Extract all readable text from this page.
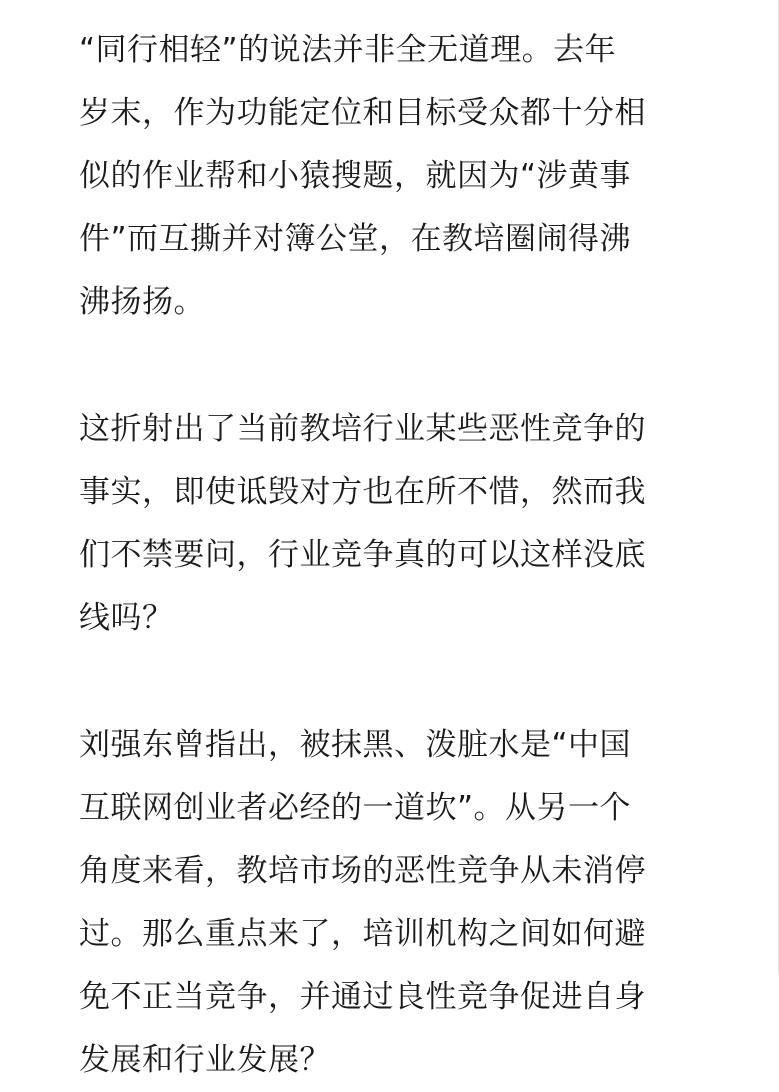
“同行相轻”的说法并非全无道理。去年
岁末，作为功能定位和目标受众都十分相
似的作业帮和小猿搜题，就因为“涉黄事
件”而互撕并对簿公堂，在教培圈闹得沸
沸扬扬。
这折射出了当前教培行业某些恶性竞争的
事实，即使诋毁对方也在所不惜，然而我
们不禁要问，行业竞争真的可以这样没底
线吗？
刘强东曾指出，被抹黑、泼脏水是“中国
互联网创业者必经的一道坎”。从另一个
角度来看，教培市场的恶性竞争从未消停
过。那么重点来了，培训机构之间如何避
免不正当竞争，并通过良性竞争促进自身
发展和行业发展？
